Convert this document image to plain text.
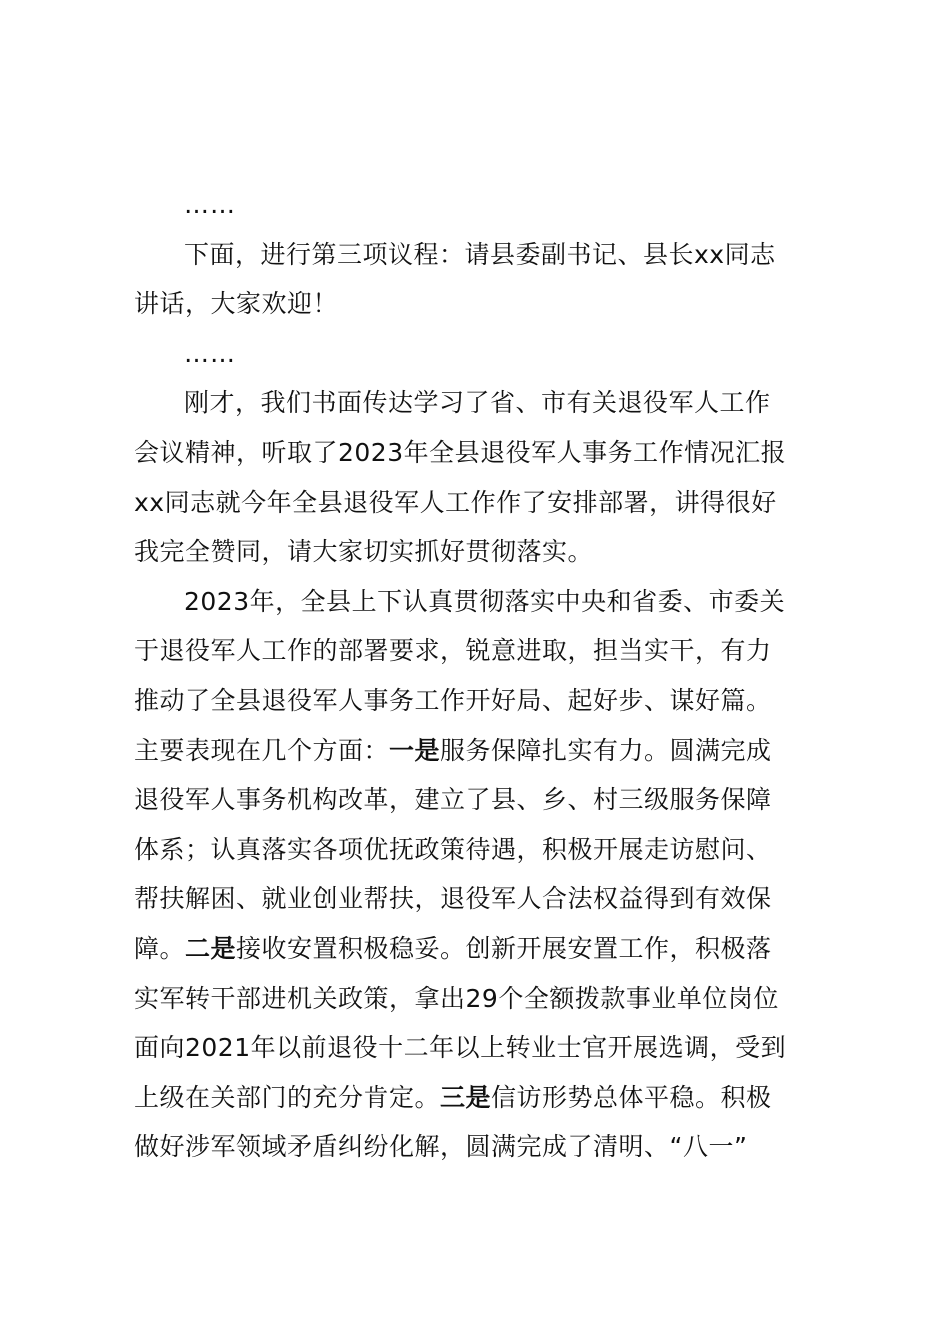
……

下面，进行第三项议程：请县委副书记、县长xx同志
讲话，大家欢迎！

……

刚才，我们书面传达学习了省、市有关退役军人工作
会议精神，听取了2023年全县退役军人事务工作情况汇报
xx同志就今年全县退役军人工作作了安排部署，讲得很好
我完全赞同，请大家切实抓好贯彻落实。

2023年，全县上下认真贯彻落实中央和省委、市委关
于退役军人工作的部署要求，锐意进取，担当实干，有力
推动了全县退役军人事务工作开好局、起好步、谋好篇。
主要表现在几个方面：一是服务保障扎实有力。圆满完成
退役军人事务机构改革，建立了县、乡、村三级服务保障
体系；认真落实各项优抚政策待遇，积极开展走访慰问、
帮扶解困、就业创业帮扶，退役军人合法权益得到有效保
障。二是接收安置积极稳妥。创新开展安置工作，积极落
实军转干部进机关政策，拿出29个全额拨款事业单位岗位
面向2021年以前退役十二年以上转业士官开展选调，受到
上级在关部门的充分肯定。三是信访形势总体平稳。积极
做好涉军领域矛盾纠纷化解，圆满完成了清明、“八一”
